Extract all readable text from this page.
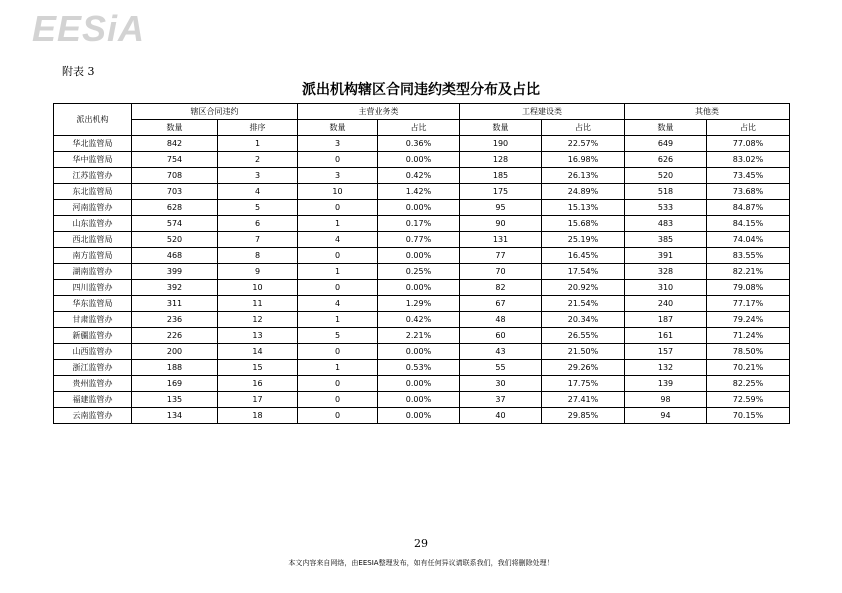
EESiA
附表 3
派出机构辖区合同违约类型分布及占比
派出机构	辖区合同违约		主营业务类		工程建设类		其他类	
	数量	排序	数量	占比	数量	占比	数量	占比
华北监管局	842	1	3	0.36%	190	22.57%	649	77.08%
华中监管局	754	2	0	0.00%	128	16.98%	626	83.02%
江苏监管办	708	3	3	0.42%	185	26.13%	520	73.45%
东北监管局	703	4	10	1.42%	175	24.89%	518	73.68%
河南监管办	628	5	0	0.00%	95	15.13%	533	84.87%
山东监管办	574	6	1	0.17%	90	15.68%	483	84.15%
西北监管局	520	7	4	0.77%	131	25.19%	385	74.04%
南方监管局	468	8	0	0.00%	77	16.45%	391	83.55%
湖南监管办	399	9	1	0.25%	70	17.54%	328	82.21%
四川监管办	392	10	0	0.00%	82	20.92%	310	79.08%
华东监管局	311	11	4	1.29%	67	21.54%	240	77.17%
甘肃监管办	236	12	1	0.42%	48	20.34%	187	79.24%
新疆监管办	226	13	5	2.21%	60	26.55%	161	71.24%
山西监管办	200	14	0	0.00%	43	21.50%	157	78.50%
浙江监管办	188	15	1	0.53%	55	29.26%	132	70.21%
贵州监管办	169	16	0	0.00%	30	17.75%	139	82.25%
福建监管办	135	17	0	0.00%	37	27.41%	98	72.59%
云南监管办	134	18	0	0.00%	40	29.85%	94	70.15%
29
本文内容来自网络，由EESIA整理发布，如有任何异议请联系我们，我们将删除处理！
